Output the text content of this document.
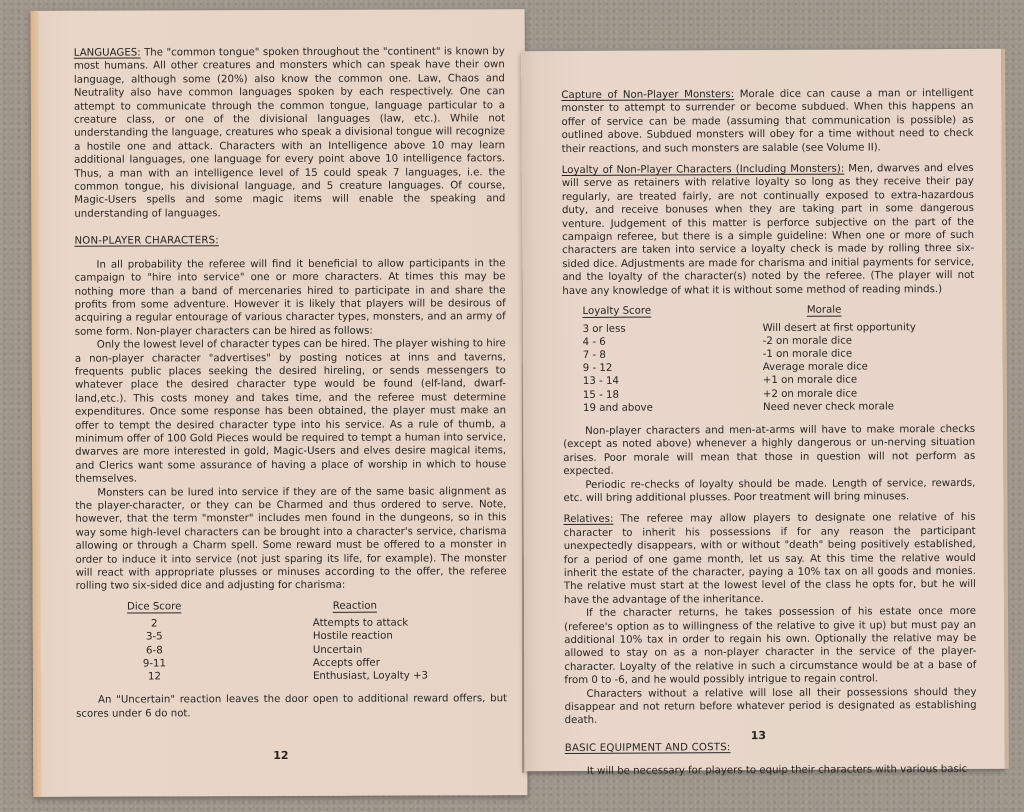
LANGUAGES: The "common tongue" spoken throughout the "continent" is known by most humans. All other creatures and monsters which can speak have their own language, although some (20%) also know the common one. Law, Chaos and Neutrality also have common languages spoken by each respectively. One can attempt to communicate through the common tongue, language particular to a creature class, or one of the divisional languages (law, etc.). While not understanding the language, creatures who speak a divisional tongue will recognize a hostile one and attack. Characters with an Intelligence above 10 may learn additional languages, one language for every point above 10 intelligence factors. Thus, a man with an intelligence level of 15 could speak 7 languages, i.e. the common tongue, his divisional language, and 5 creature languages. Of course, Magic-Users spells and some magic items will enable the speaking and understanding of languages.

NON-PLAYER CHARACTERS:

In all probability the referee will find it beneficial to allow participants in the campaign to "hire into service" one or more characters. At times this may be nothing more than a band of mercenaries hired to participate in and share the profits from some adventure. However it is likely that players will be desirous of acquiring a regular entourage of various character types, monsters, and an army of some form. Non-player characters can be hired as follows:

Only the lowest level of character types can be hired. The player wishing to hire a non-player character "advertises" by posting notices at inns and taverns, frequents public places seeking the desired hireling, or sends messengers to whatever place the desired character type would be found (elf-land, dwarf-land,etc.). This costs money and takes time, and the referee must determine expenditures. Once some response has been obtained, the player must make an offer to tempt the desired character type into his service. As a rule of thumb, a minimum offer of 100 Gold Pieces would be required to tempt a human into service, dwarves are more interested in gold, Magic-Users and elves desire magical items, and Clerics want some assurance of having a place of worship in which to house themselves.

Monsters can be lured into service if they are of the same basic alignment as the player-character, or they can be Charmed and thus ordered to serve. Note, however, that the term "monster" includes men found in the dungeons, so in this way some high-level characters can be brought into a character's service, charisma allowing or through a Charm spell. Some reward must be offered to a monster in order to induce it into service (not just sparing its life, for example). The monster will react with appropriate plusses or minuses according to the offer, the referee rolling two six-sided dice and adjusting for charisma:

Dice Score	Reaction
2	Attempts to attack
3-5	Hostile reaction
6-8	Uncertain
9-11	Accepts offer
12	Enthusiast, Loyalty +3

An "Uncertain" reaction leaves the door open to additional reward offers, but scores under 6 do not.

12

Capture of Non-Player Monsters: Morale dice can cause a man or intelligent monster to attempt to surrender or become subdued. When this happens an offer of service can be made (assuming that communication is possible) as outlined above. Subdued monsters will obey for a time without need to check their reactions, and such monsters are salable (see Volume II).

Loyalty of Non-Player Characters (Including Monsters): Men, dwarves and elves will serve as retainers with relative loyalty so long as they receive their pay regularly, are treated fairly, are not continually exposed to extra-hazardous duty, and receive bonuses when they are taking part in some dangerous venture. Judgement of this matter is perforce subjective on the part of the campaign referee, but there is a simple guideline: When one or more of such characters are taken into service a loyalty check is made by rolling three six-sided dice. Adjustments are made for charisma and initial payments for service, and the loyalty of the character(s) noted by the referee. (The player will not have any knowledge of what it is without some method of reading minds.)

Loyalty Score	Morale
3 or less	Will desert at first opportunity
4 - 6	-2 on morale dice
7 - 8	-1 on morale dice
9 - 12	Average morale dice
13 - 14	+1 on morale dice
15 - 18	+2 on morale dice
19 and above	Need never check morale

Non-player characters and men-at-arms will have to make morale checks (except as noted above) whenever a highly dangerous or un-nerving situation arises. Poor morale will mean that those in question will not perform as expected.

Periodic re-checks of loyalty should be made. Length of service, rewards, etc. will bring additional plusses. Poor treatment will bring minuses.

Relatives: The referee may allow players to designate one relative of his character to inherit his possessions if for any reason the participant unexpectedly disappears, with or without "death" being positively established, for a period of one game month, let us say. At this time the relative would inherit the estate of the character, paying a 10% tax on all goods and monies. The relative must start at the lowest level of the class he opts for, but he will have the advantage of the inheritance.

If the character returns, he takes possession of his estate once more (referee's option as to willingness of the relative to give it up) but must pay an additional 10% tax in order to regain his own. Optionally the relative may be allowed to stay on as a non-player character in the service of the player-character. Loyalty of the relative in such a circumstance would be at a base of from 0 to -6, and he would possibly intrigue to regain control.

Characters without a relative will lose all their possessions should they disappear and not return before whatever period is designated as establishing death.

BASIC EQUIPMENT AND COSTS:

It will be necessary for players to equip their characters with various basic

13
